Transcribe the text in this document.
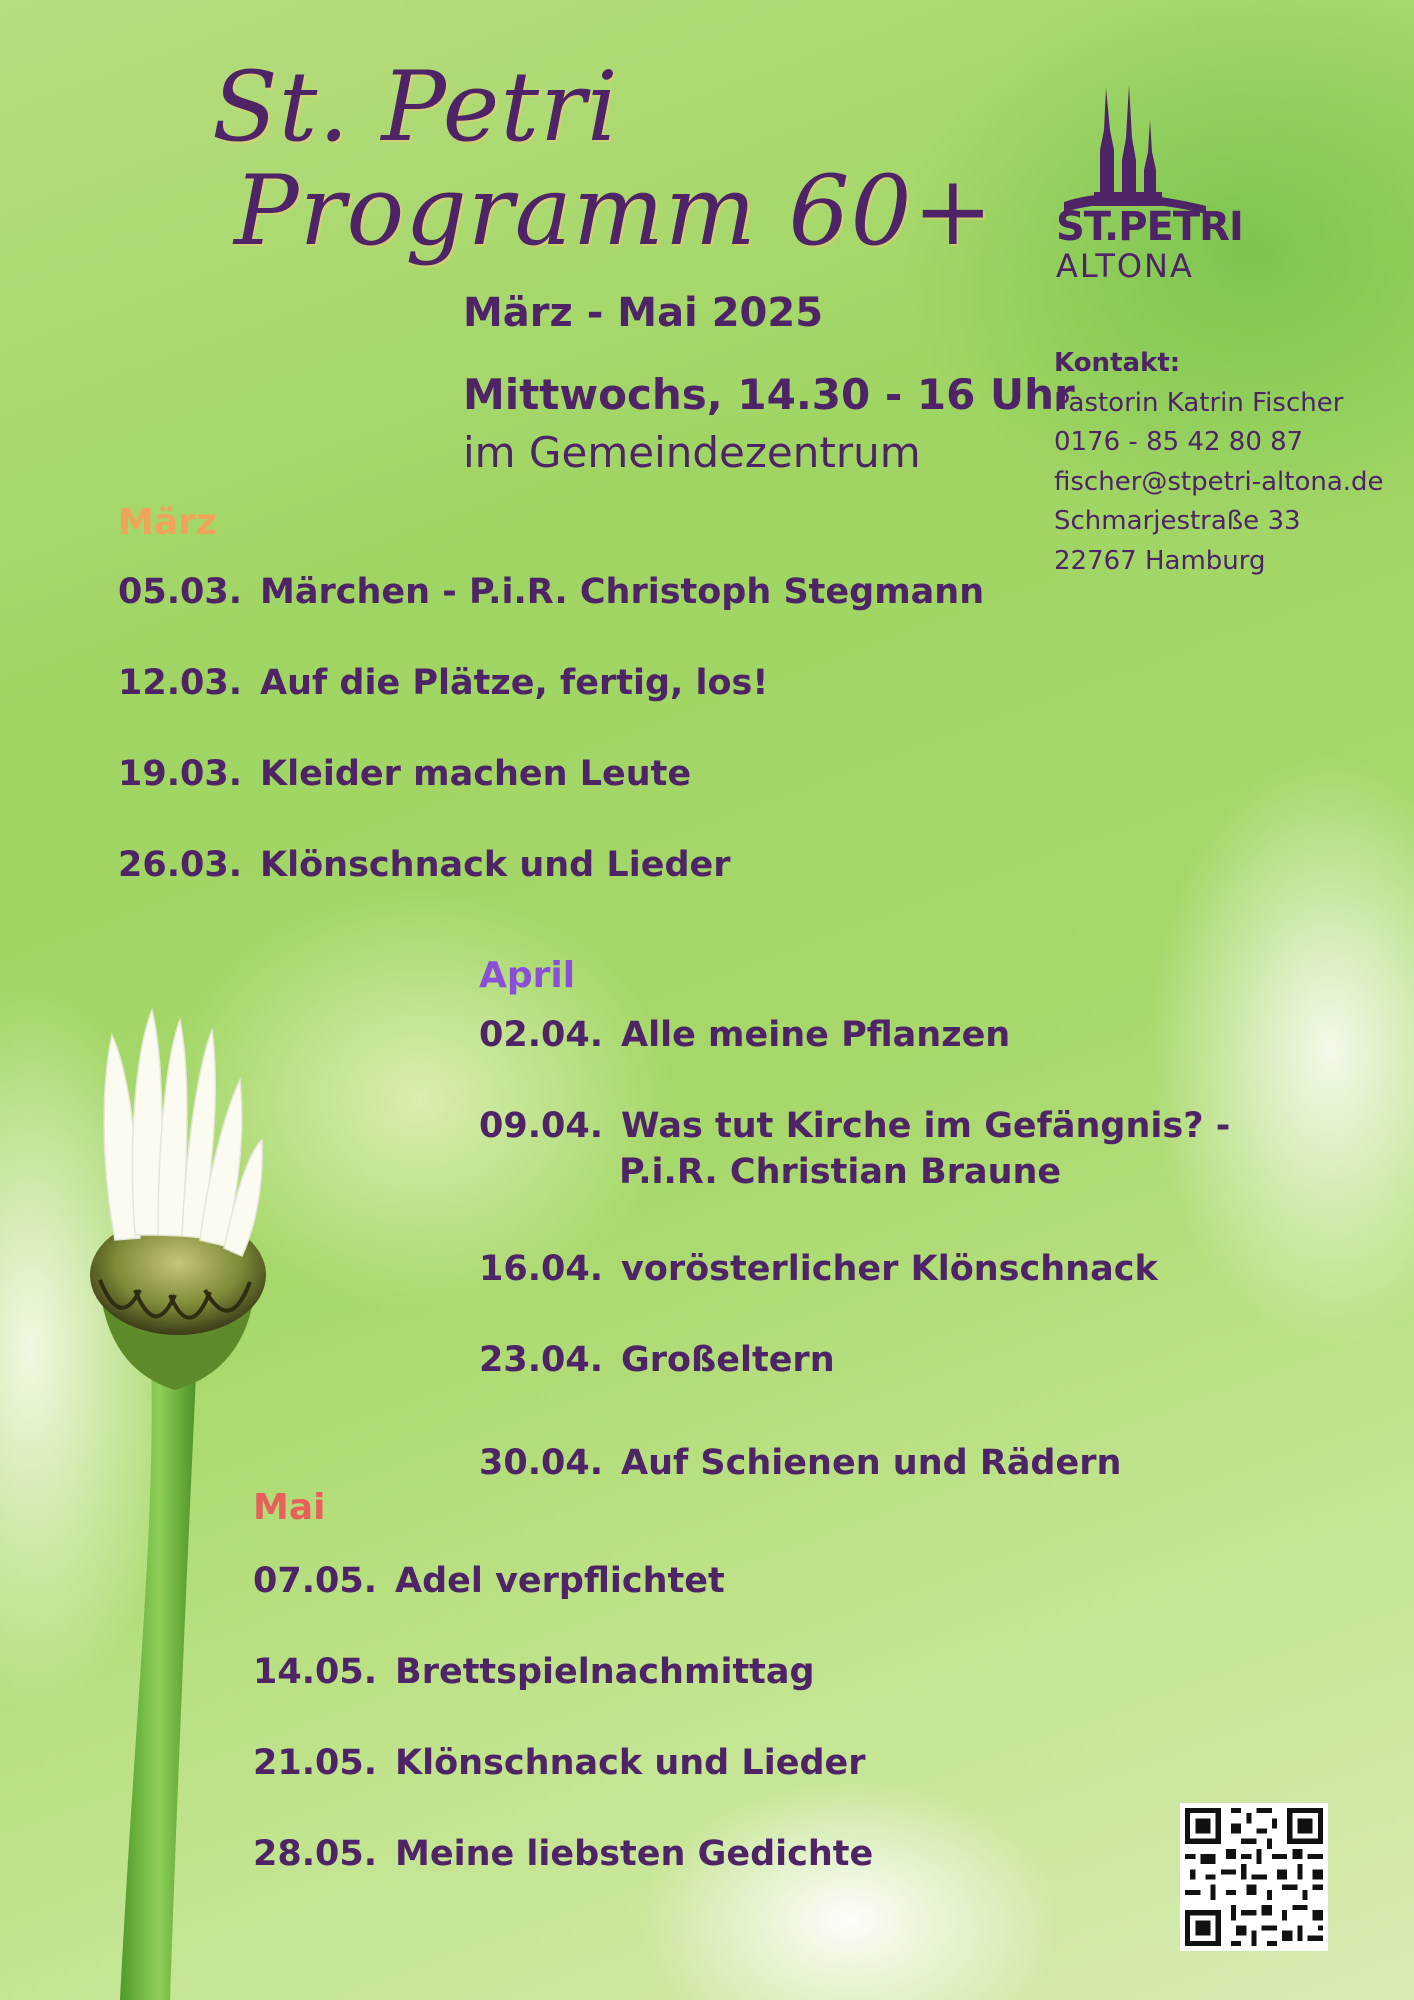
St. Petri
Programm 60+

März - Mai 2025

Mittwochs, 14.30 - 16 Uhr

im Gemeindezentrum

ST.PETRI
ALTONA
Kontakt:
Pastorin Katrin Fischer
0176 - 85 42 80 87
fischer@stpetri-altona.de
Schmarjestraße 33
22767 Hamburg
März
05.03. Märchen - P.i.R. Christoph Stegmann
12.03. Auf die Plätze, fertig, los!
19.03. Kleider machen Leute
26.03. Klönschnack und Lieder
April
02.04. Alle meine Pflanzen
09.04. Was tut Kirche im Gefängnis? -
P.i.R. Christian Braune
16.04. vorösterlicher Klönschnack
23.04. Großeltern
30.04. Auf Schienen und Rädern
Mai
07.05. Adel verpflichtet
14.05. Brettspielnachmittag
21.05. Klönschnack und Lieder
28.05. Meine liebsten Gedichte
